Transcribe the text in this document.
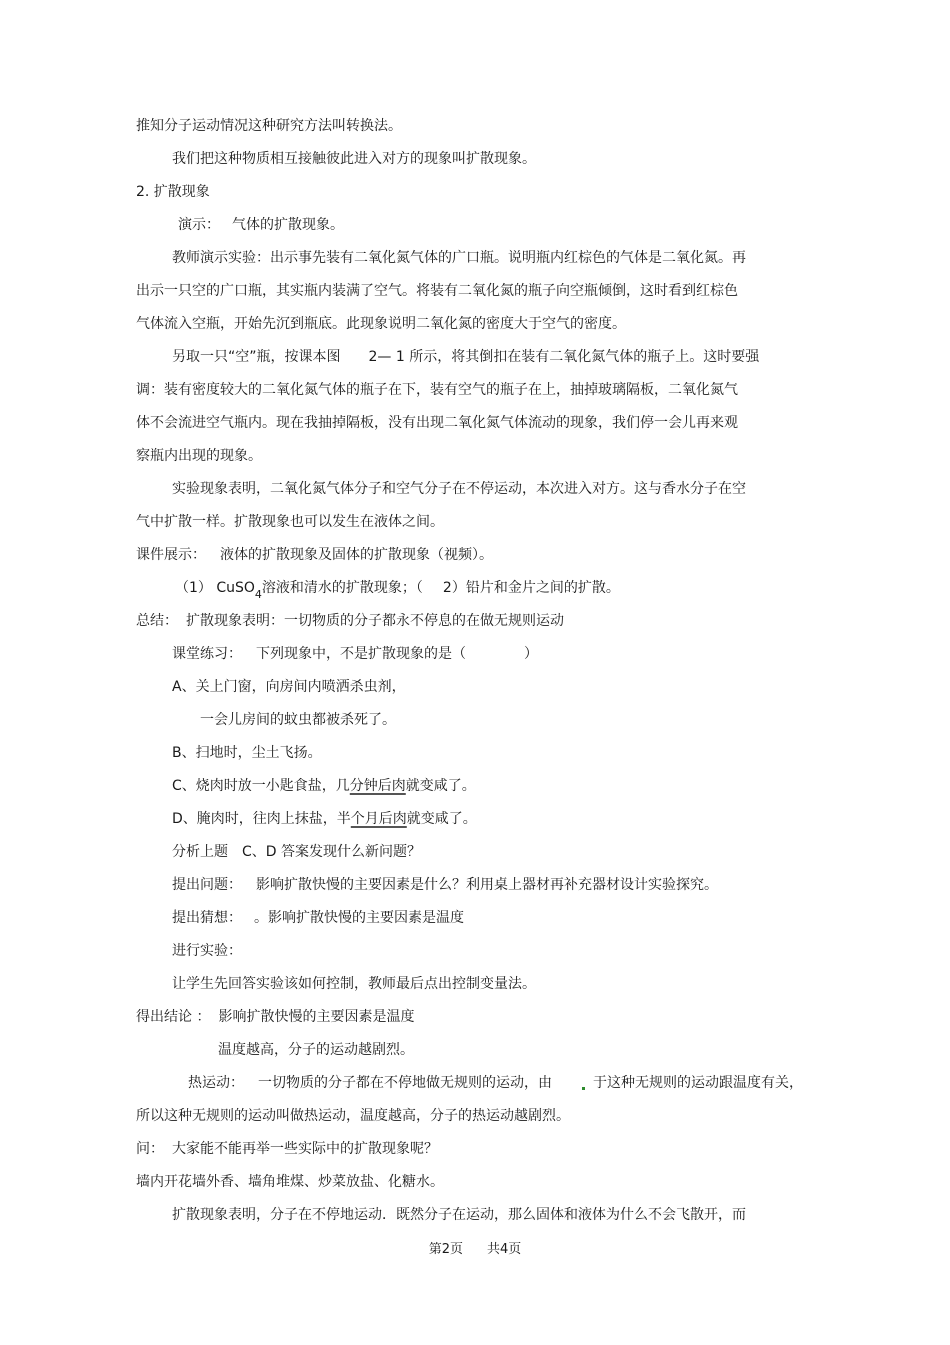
推知分子运动情况这种研究方法叫转换法。
我们把这种物质相互接触彼此进入对方的现象叫扩散现象。
2. 扩散现象
演示： 气体的扩散现象。
教师演示实验：出示事先装有二氧化氮气体的广口瓶。说明瓶内红棕色的气体是二氧化氮。再
出示一只空的广口瓶，其实瓶内装满了空气。将装有二氧化氮的瓶子向空瓶倾倒，这时看到红棕色
气体流入空瓶，开始先沉到瓶底。此现象说明二氧化氮的密度大于空气的密度。
另取一只“空”瓶，按课本图 2— 1 所示，将其倒扣在装有二氧化氮气体的瓶子上。这时要强
调：装有密度较大的二氧化氮气体的瓶子在下，装有空气的瓶子在上，抽掉玻璃隔板，二氧化氮气
体不会流进空气瓶内。现在我抽掉隔板，没有出现二氧化氮气体流动的现象，我们停一会儿再来观
察瓶内出现的现象。
实验现象表明，二氧化氮气体分子和空气分子在不停运动，本次进入对方。这与香水分子在空
气中扩散一样。扩散现象也可以发生在液体之间。
课件展示： 液体的扩散现象及固体的扩散现象（视频）。
（1） CuSO$_4$溶液和清水的扩散现象；（ 2）铅片和金片之间的扩散。
总结： 扩散现象表明：一切物质的分子都永不停息的在做无规则运动
课堂练习： 下列现象中，不是扩散现象的是（	）
A、关上门窗，向房间内喷洒杀虫剂，
一会儿房间的蚊虫都被杀死了。
B、扫地时，尘土飞扬。
C、烧肉时放一小匙食盐，几分钟后肉就变咸了。
D、腌肉时，往肉上抹盐，半个月后肉就变咸了。
分析上题 C、D 答案发现什么新问题？
提出问题： 影响扩散快慢的主要因素是什么？利用桌上器材再补充器材设计实验探究。
提出猜想： 。影响扩散快慢的主要因素是温度
进行实验：
让学生先回答实验该如何控制，教师最后点出控制变量法。
得出结论 ： 影响扩散快慢的主要因素是温度
温度越高，分子的运动越剧烈。
热运动： 一切物质的分子都在不停地做无规则的运动，由	于这种无规则的运动跟温度有关，
所以这种无规则的运动叫做热运动，温度越高，分子的热运动越剧烈。
问： 大家能不能再举一些实际中的扩散现象呢？
墙内开花墙外香、墙角堆煤、炒菜放盐、化糖水。
扩散现象表明，分子在不停地运动．既然分子在运动，那么固体和液体为什么不会飞散开，而
第2页 共4页
